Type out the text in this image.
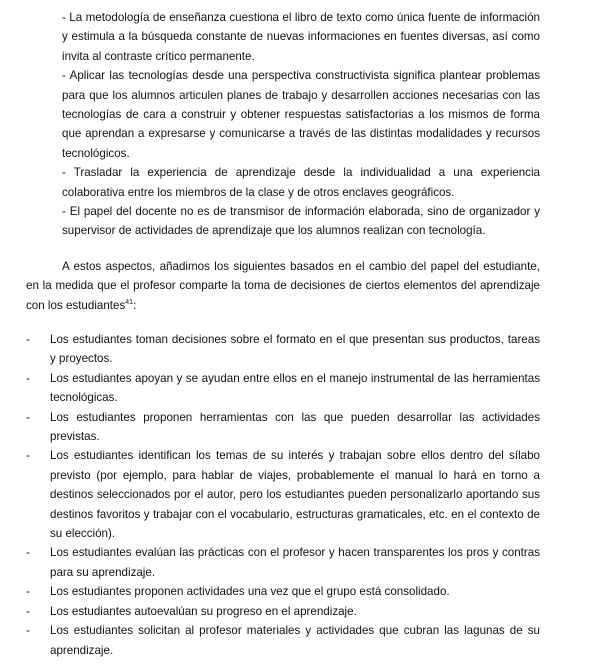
- La metodología de enseñanza cuestiona el libro de texto como única fuente de información y estimula a la búsqueda constante de nuevas informaciones en fuentes diversas, así como invita al contraste crítico permanente.

- Aplicar las tecnologías desde una perspectiva constructivista significa plantear problemas para que los alumnos articulen planes de trabajo y desarrollen acciones necesarias con las tecnologías de cara a construir y obtener respuestas satisfactorias a los mismos de forma que aprendan a expresarse y comunicarse a través de las distintas modalidades y recursos tecnológicos.

- Trasladar la experiencia de aprendizaje desde la individualidad a una experiencia colaborativa entre los miembros de la clase y de otros enclaves geográficos.

- El papel del docente no es de transmisor de información elaborada, sino de organizador y supervisor de actividades de aprendizaje que los alumnos realizan con tecnología.

A estos aspectos, añadimos los siguientes basados en el cambio del papel del estudiante, en la medida que el profesor comparte la toma de decisiones de ciertos elementos del aprendizaje con los estudiantes$^{41}$:

- Los estudiantes toman decisiones sobre el formato en el que presentan sus productos, tareas y proyectos.
- Los estudiantes apoyan y se ayudan entre ellos en el manejo instrumental de las herramientas tecnológicas.
- Los estudiantes proponen herramientas con las que pueden desarrollar las actividades previstas.
- Los estudiantes identifican los temas de su interés y trabajan sobre ellos dentro del sílabo previsto (por ejemplo, para hablar de viajes, probablemente el manual lo hará en torno a destinos seleccionados por el autor, pero los estudiantes pueden personalizarlo aportando sus destinos favoritos y trabajar con el vocabulario, estructuras gramaticales, etc. en el contexto de su elección).
- Los estudiantes evalúan las prácticas con el profesor y hacen transparentes los pros y contras para su aprendizaje.
- Los estudiantes proponen actividades una vez que el grupo está consolidado.
- Los estudiantes autoevalúan su progreso en el aprendizaje.
- Los estudiantes solicitan al profesor materiales y actividades que cubran las lagunas de su aprendizaje.
